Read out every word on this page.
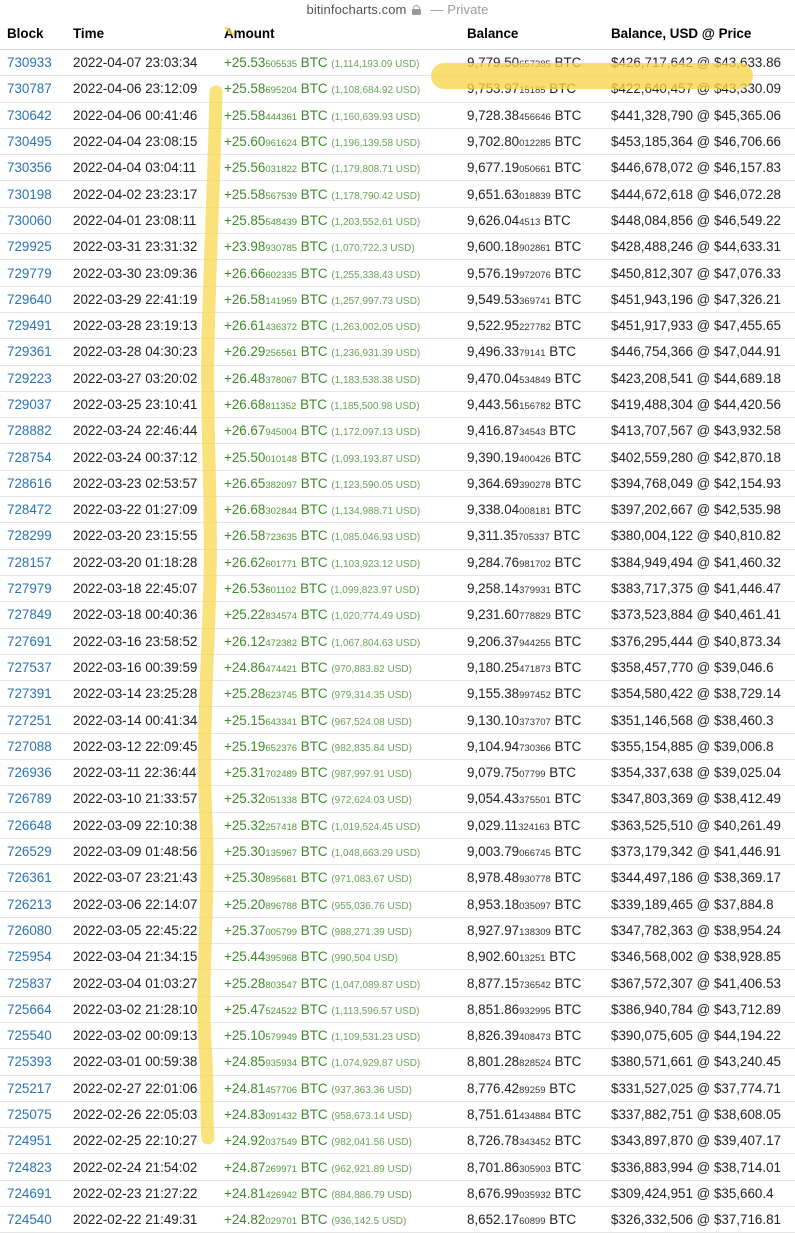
bitinfocharts.com — Private
Block	Time	Amount	Balance	Balance, USD @ Price
730933	2022-04-07 23:03:34	+25.53505535 BTC (1,114,193.09 USD)	9,779.50657385 BTC	$426,717,642 @ $43,633.86
730787	2022-04-06 23:12:09	+25.58695204 BTC (1,108,684.92 USD)	9,753.9715185 BTC	$422,640,457 @ $43,330.09
730642	2022-04-06 00:41:46	+25.58444361 BTC (1,160,639.93 USD)	9,728.38456646 BTC	$441,328,790 @ $45,365.06
730495	2022-04-04 23:08:15	+25.60961624 BTC (1,196,139.58 USD)	9,702.80012285 BTC	$453,185,364 @ $46,706.66
730356	2022-04-04 03:04:11	+25.56031822 BTC (1,179,808.71 USD)	9,677.19050661 BTC	$446,678,072 @ $46,157.83
730198	2022-04-02 23:23:17	+25.58567539 BTC (1,178,790.42 USD)	9,651.63018839 BTC	$444,672,618 @ $46,072.28
730060	2022-04-01 23:08:11	+25.85548439 BTC (1,203,552.61 USD)	9,626.044513 BTC	$448,084,856 @ $46,549.22
729925	2022-03-31 23:31:32	+23.98930785 BTC (1,070,722.3 USD)	9,600.18902861 BTC	$428,488,246 @ $44,633.31
729779	2022-03-30 23:09:36	+26.66602335 BTC (1,255,338.43 USD)	9,576.19972076 BTC	$450,812,307 @ $47,076.33
729640	2022-03-29 22:41:19	+26.58141959 BTC (1,257,997.73 USD)	9,549.53369741 BTC	$451,943,196 @ $47,326.21
729491	2022-03-28 23:19:13	+26.61436372 BTC (1,263,002.05 USD)	9,522.95227782 BTC	$451,917,933 @ $47,455.65
729361	2022-03-28 04:30:23	+26.29256561 BTC (1,236,931.39 USD)	9,496.3379141 BTC	$446,754,366 @ $47,044.91
729223	2022-03-27 03:20:02	+26.48378067 BTC (1,183,538.38 USD)	9,470.04534849 BTC	$423,208,541 @ $44,689.18
729037	2022-03-25 23:10:41	+26.68811352 BTC (1,185,500.98 USD)	9,443.56156782 BTC	$419,488,304 @ $44,420.56
728882	2022-03-24 22:46:44	+26.67945004 BTC (1,172,097.13 USD)	9,416.8734543 BTC	$413,707,567 @ $43,932.58
728754	2022-03-24 00:37:12	+25.50010148 BTC (1,093,193.87 USD)	9,390.19400426 BTC	$402,559,280 @ $42,870.18
728616	2022-03-23 02:53:57	+26.65382097 BTC (1,123,590.05 USD)	9,364.69390278 BTC	$394,768,049 @ $42,154.93
728472	2022-03-22 01:27:09	+26.68302844 BTC (1,134,988.71 USD)	9,338.04008181 BTC	$397,202,667 @ $42,535.98
728299	2022-03-20 23:15:55	+26.58723635 BTC (1,085,046.93 USD)	9,311.35705337 BTC	$380,004,122 @ $40,810.82
728157	2022-03-20 01:18:28	+26.62601771 BTC (1,103,923.12 USD)	9,284.76981702 BTC	$384,949,494 @ $41,460.32
727979	2022-03-18 22:45:07	+26.53601102 BTC (1,099,823.97 USD)	9,258.14379931 BTC	$383,717,375 @ $41,446.47
727849	2022-03-18 00:40:36	+25.22834574 BTC (1,020,774.49 USD)	9,231.60778829 BTC	$373,523,884 @ $40,461.41
727691	2022-03-16 23:58:52	+26.12472382 BTC (1,067,804.63 USD)	9,206.37944255 BTC	$376,295,444 @ $40,873.34
727537	2022-03-16 00:39:59	+24.86474421 BTC (970,883.82 USD)	9,180.25471873 BTC	$358,457,770 @ $39,046.6
727391	2022-03-14 23:25:28	+25.28623745 BTC (979,314.35 USD)	9,155.38997452 BTC	$354,580,422 @ $38,729.14
727251	2022-03-14 00:41:34	+25.15643341 BTC (967,524.08 USD)	9,130.10373707 BTC	$351,146,568 @ $38,460.3
727088	2022-03-12 22:09:45	+25.19652376 BTC (982,835.84 USD)	9,104.94730366 BTC	$355,154,885 @ $39,006.8
726936	2022-03-11 22:36:44	+25.31702489 BTC (987,997.91 USD)	9,079.7507799 BTC	$354,337,638 @ $39,025.04
726789	2022-03-10 21:33:57	+25.32051338 BTC (972,624.03 USD)	9,054.43375501 BTC	$347,803,369 @ $38,412.49
726648	2022-03-09 22:10:38	+25.32257418 BTC (1,019,524.45 USD)	9,029.11324163 BTC	$363,525,510 @ $40,261.49
726529	2022-03-09 01:48:56	+25.30135967 BTC (1,048,663.29 USD)	9,003.79066745 BTC	$373,179,342 @ $41,446.91
726361	2022-03-07 23:21:43	+25.30895681 BTC (971,083.67 USD)	8,978.48930778 BTC	$344,497,186 @ $38,369.17
726213	2022-03-06 22:14:07	+25.20896788 BTC (955,036.76 USD)	8,953.18035097 BTC	$339,189,465 @ $37,884.8
726080	2022-03-05 22:45:22	+25.37005799 BTC (988,271.39 USD)	8,927.97138309 BTC	$347,782,363 @ $38,954.24
725954	2022-03-04 21:34:15	+25.44395968 BTC (990,504 USD)	8,902.6013251 BTC	$346,568,002 @ $38,928.85
725837	2022-03-04 01:03:27	+25.28803547 BTC (1,047,089.87 USD)	8,877.15736542 BTC	$367,572,307 @ $41,406.53
725664	2022-03-02 21:28:10	+25.47524522 BTC (1,113,596.57 USD)	8,851.86932995 BTC	$386,940,784 @ $43,712.89
725540	2022-03-02 00:09:13	+25.10579949 BTC (1,109,531.23 USD)	8,826.39408473 BTC	$390,075,605 @ $44,194.22
725393	2022-03-01 00:59:38	+24.85935934 BTC (1,074,929.87 USD)	8,801.28828524 BTC	$380,571,661 @ $43,240.45
725217	2022-02-27 22:01:06	+24.81457706 BTC (937,363.36 USD)	8,776.4289259 BTC	$331,527,025 @ $37,774.71
725075	2022-02-26 22:05:03	+24.83091432 BTC (958,673.14 USD)	8,751.61434884 BTC	$337,882,751 @ $38,608.05
724951	2022-02-25 22:10:27	+24.92037549 BTC (982,041.56 USD)	8,726.78343452 BTC	$343,897,870 @ $39,407.17
724823	2022-02-24 21:54:02	+24.87269971 BTC (962,921.89 USD)	8,701.86305903 BTC	$336,883,994 @ $38,714.01
724691	2022-02-23 21:27:22	+24.81426942 BTC (884,886.79 USD)	8,676.99035932 BTC	$309,424,951 @ $35,660.4
724540	2022-02-22 21:49:31	+24.82029701 BTC (936,142.5 USD)	8,652.1760899 BTC	$326,332,506 @ $37,716.81
